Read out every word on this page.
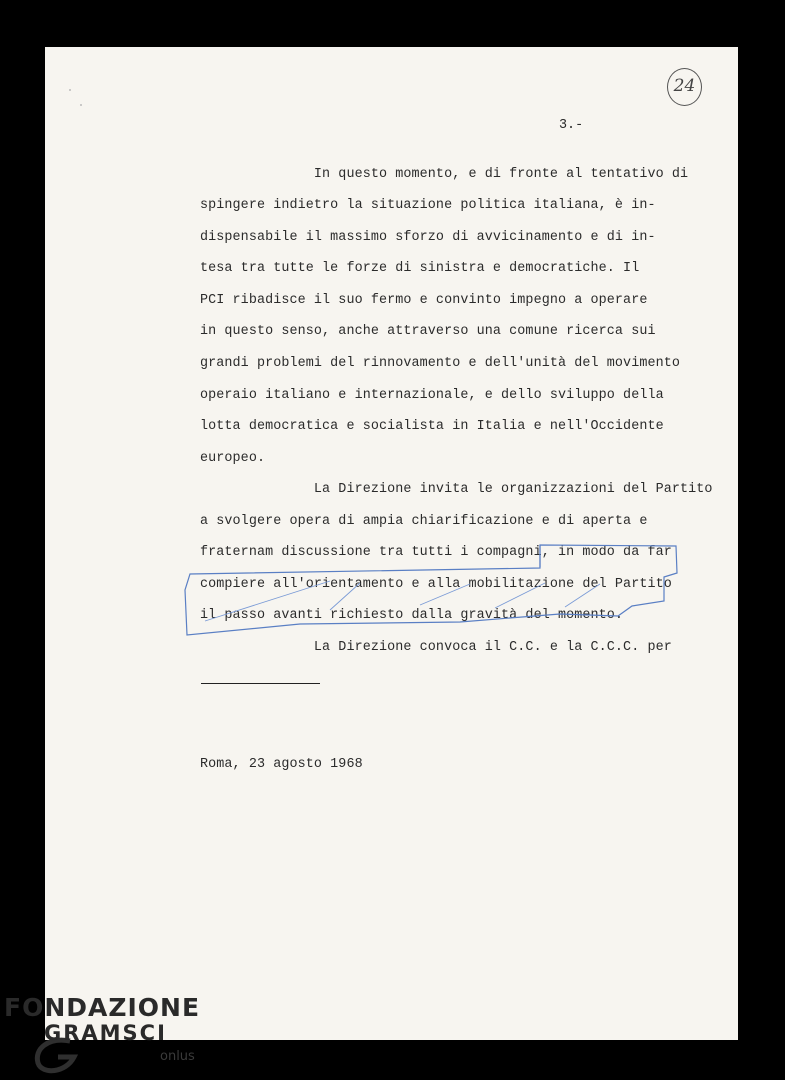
24
3.-
In questo momento, e di fronte al tentativo di
spingere indietro la situazione politica italiana, è in-
dispensabile il massimo sforzo di avvicinamento e di in-
tesa tra tutte le forze di sinistra e democratiche. Il
PCI ribadisce il suo fermo e convinto impegno a operare
in questo senso, anche attraverso una comune ricerca sui
grandi problemi del rinnovamento e dell'unità del movimento
operaio italiano e internazionale, e dello sviluppo della
lotta democratica e socialista in Italia e nell'Occidente
europeo.
La Direzione invita le organizzazioni del Partito
a svolgere opera di ampia chiarificazione e di aperta e
fraternam discussione tra tutti i compagni, in modo da far
compiere all'orientamento e alla mobilitazione del Partito
il passo avanti richiesto dalla gravità del momento.
La Direzione convoca il C.C. e la C.C.C. per
Roma, 23 agosto 1968
FONDAZIONE
GRAMSCI
onlus
